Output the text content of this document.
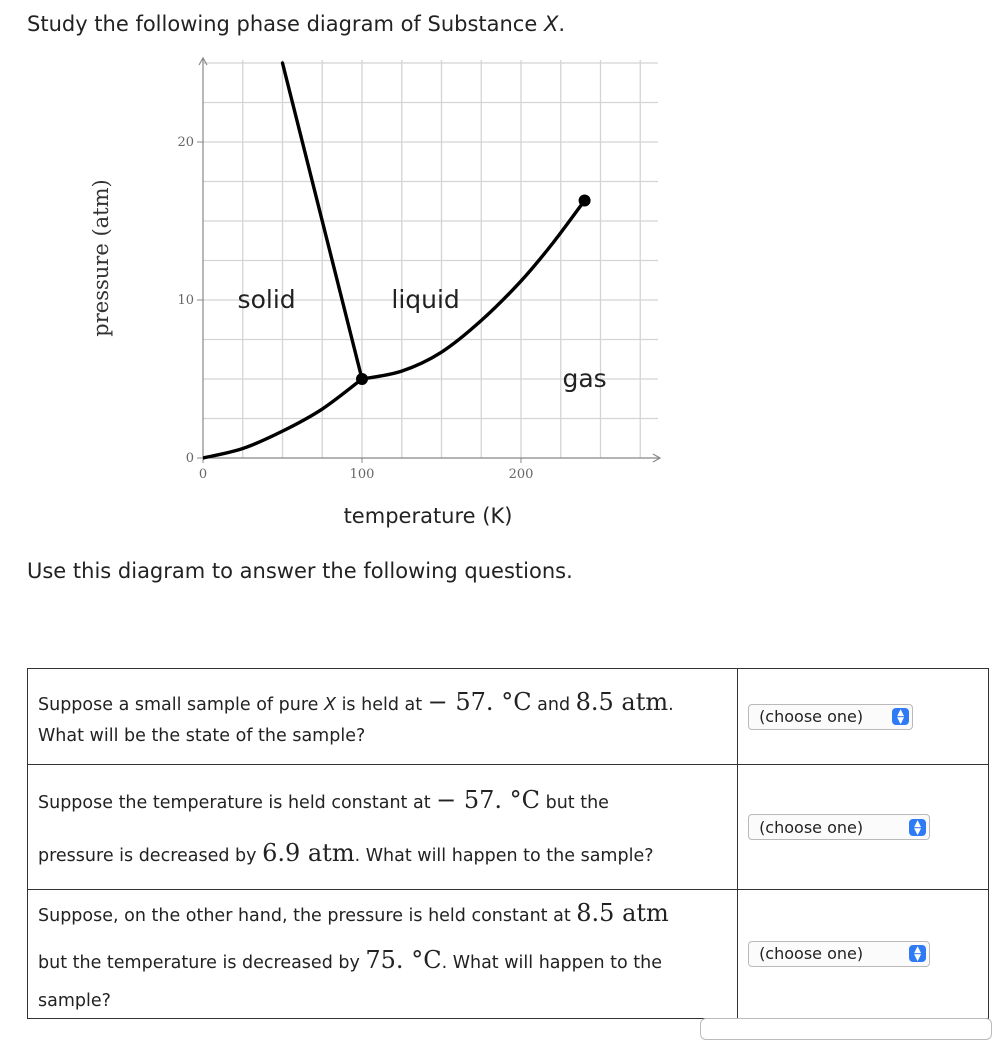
Study the following phase diagram of Substance X.

0	100	200
0
10
20
solid	liquid
gas
temperature (K)
pressure (atm)

Use this diagram to answer the following questions.

Suppose a small sample of pure X is held at − 57. °C and 8.5 atm.
What will be the state of the sample?	(choose one) ▲
▼

Suppose the temperature is held constant at − 57. °C but the
pressure is decreased by 6.9 atm. What will happen to the sample?	(choose one) ▲
▼

Suppose, on the other hand, the pressure is held constant at 8.5 atm
but the temperature is decreased by 75. °C. What will happen to the
sample?	(choose one) ▲
▼
